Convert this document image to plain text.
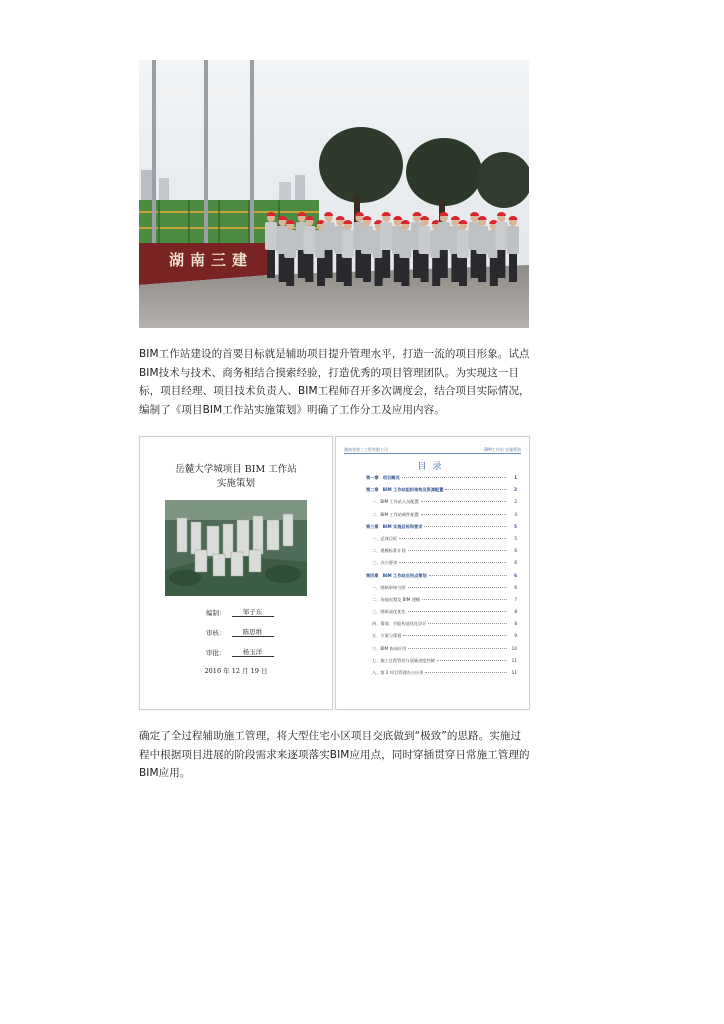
湖南三建

BIM工作站建设的首要目标就是辅助项目提升管理水平，打造一流的项目形象。试点BIM技术与技术、商务相结合摸索经验，打造优秀的项目管理团队。为实现这一目标，项目经理、项目技术负责人、BIM工程师召开多次调度会，结合项目实际情况，编制了《项目BIM工作站实施策划》明确了工作分工及应用内容。

岳麓大学城项目 BIM 工作站
实施策划
编制：	邹子东
审核：	陈思维
审批：	杨玉洋
2016 年 12 月 19 日
湖南省第三工程有限公司	BIM工作站 实施策划
目录
第一章　项目概况	1
第二章　BIM 工作站组织架构及资源配置	2
一、BIM 工作站人员配置	2
二、BIM 工作站硬件配置	4
第三章　BIM 实施目标和要求	5
一、总体目标	5
二、建模标准计划	6
三、办公要求	6
第四章　BIM 工作站应用点策划	6
一、图纸审核与图	6
二、场地布置及 BIM 建模	7
三、图纸深化优化	8
四、幕墙、节能构造优化设计	8
五、方案与策划	9
六、BIM 协同应用	10
七、施工过程管控与质量进度控制	11
八、第 2 项目管理办公应用	11

确定了全过程辅助施工管理，将大型住宅小区项目交底做到“极致”的思路。实施过程中根据项目进展的阶段需求来逐项落实BIM应用点，同时穿插贯穿日常施工管理的BIM应用。
